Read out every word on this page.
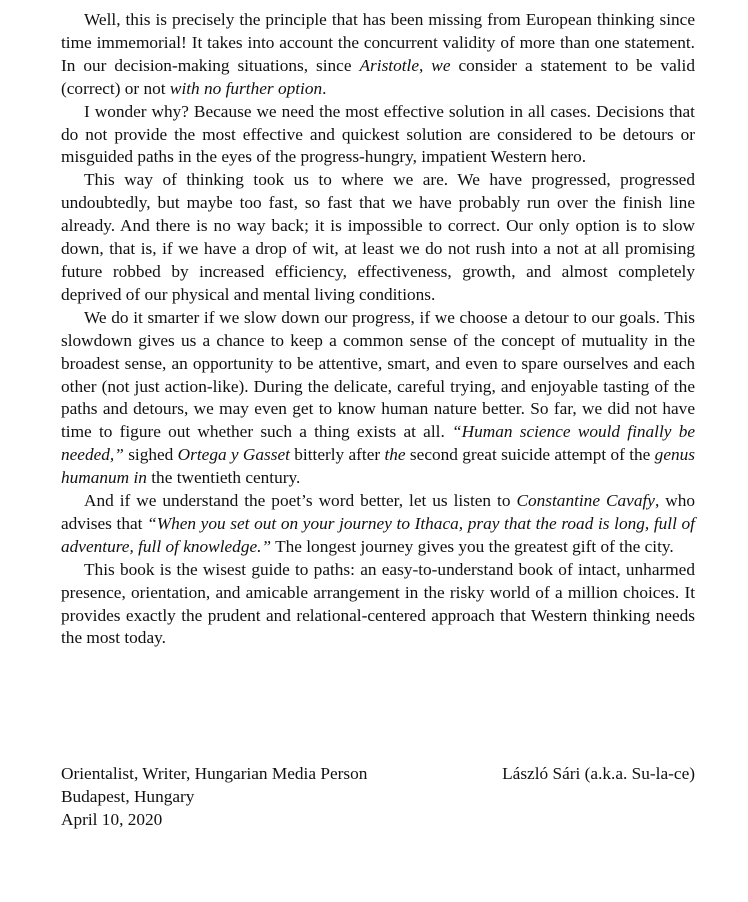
Well, this is precisely the principle that has been missing from European thinking since time immemorial! It takes into account the concurrent validity of more than one statement. In our decision-making situations, since Aristotle, we consider a statement to be valid (correct) or not with no further option.

I wonder why? Because we need the most effective solution in all cases. Decisions that do not provide the most effective and quickest solution are considered to be detours or misguided paths in the eyes of the progress-hungry, impatient Western hero.

This way of thinking took us to where we are. We have progressed, progressed undoubtedly, but maybe too fast, so fast that we have probably run over the finish line already. And there is no way back; it is impossible to correct. Our only option is to slow down, that is, if we have a drop of wit, at least we do not rush into a not at all promising future robbed by increased efficiency, effectiveness, growth, and almost completely deprived of our physical and mental living conditions.

We do it smarter if we slow down our progress, if we choose a detour to our goals. This slowdown gives us a chance to keep a common sense of the concept of mutuality in the broadest sense, an opportunity to be attentive, smart, and even to spare ourselves and each other (not just action-like). During the delicate, careful trying, and enjoyable tasting of the paths and detours, we may even get to know human nature better. So far, we did not have time to figure out whether such a thing exists at all. “Human science would finally be needed,” sighed Ortega y Gasset bitterly after the second great suicide attempt of the genus humanum in the twentieth century.

And if we understand the poet’s word better, let us listen to Constantine Cavafy, who advises that “When you set out on your journey to Ithaca, pray that the road is long, full of adventure, full of knowledge.” The longest journey gives you the greatest gift of the city.

This book is the wisest guide to paths: an easy-to-understand book of intact, unharmed presence, orientation, and amicable arrangement in the risky world of a million choices. It provides exactly the prudent and relational-centered approach that Western thinking needs the most today.

Orientalist, Writer, Hungarian Media Person	László Sári (a.k.a. Su-la-ce)
Budapest, Hungary
April 10, 2020
